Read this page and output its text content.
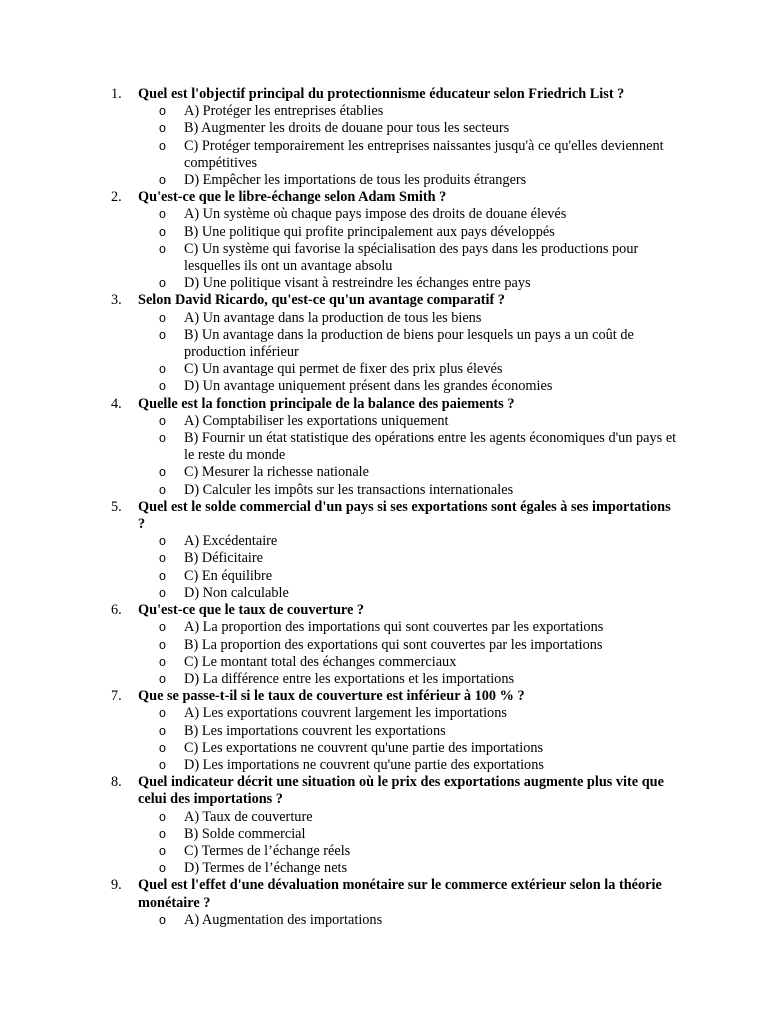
1. Quel est l'objectif principal du protectionnisme éducateur selon Friedrich List ?
o A) Protéger les entreprises établies
o B) Augmenter les droits de douane pour tous les secteurs
o C) Protéger temporairement les entreprises naissantes jusqu'à ce qu'elles deviennent compétitives
o D) Empêcher les importations de tous les produits étrangers
2. Qu'est-ce que le libre-échange selon Adam Smith ?
o A) Un système où chaque pays impose des droits de douane élevés
o B) Une politique qui profite principalement aux pays développés
o C) Un système qui favorise la spécialisation des pays dans les productions pour lesquelles ils ont un avantage absolu
o D) Une politique visant à restreindre les échanges entre pays
3. Selon David Ricardo, qu'est-ce qu'un avantage comparatif ?
o A) Un avantage dans la production de tous les biens
o B) Un avantage dans la production de biens pour lesquels un pays a un coût de production inférieur
o C) Un avantage qui permet de fixer des prix plus élevés
o D) Un avantage uniquement présent dans les grandes économies
4. Quelle est la fonction principale de la balance des paiements ?
o A) Comptabiliser les exportations uniquement
o B) Fournir un état statistique des opérations entre les agents économiques d'un pays et le reste du monde
o C) Mesurer la richesse nationale
o D) Calculer les impôts sur les transactions internationales
5. Quel est le solde commercial d'un pays si ses exportations sont égales à ses importations ?
o A) Excédentaire
o B) Déficitaire
o C) En équilibre
o D) Non calculable
6. Qu'est-ce que le taux de couverture ?
o A) La proportion des importations qui sont couvertes par les exportations
o B) La proportion des exportations qui sont couvertes par les importations
o C) Le montant total des échanges commerciaux
o D) La différence entre les exportations et les importations
7. Que se passe-t-il si le taux de couverture est inférieur à 100 % ?
o A) Les exportations couvrent largement les importations
o B) Les importations couvrent les exportations
o C) Les exportations ne couvrent qu'une partie des importations
o D) Les importations ne couvrent qu'une partie des exportations
8. Quel indicateur décrit une situation où le prix des exportations augmente plus vite que celui des importations ?
o A) Taux de couverture
o B) Solde commercial
o C) Termes de l’échange réels
o D) Termes de l’échange nets
9. Quel est l'effet d'une dévaluation monétaire sur le commerce extérieur selon la théorie monétaire ?
o A) Augmentation des importations
